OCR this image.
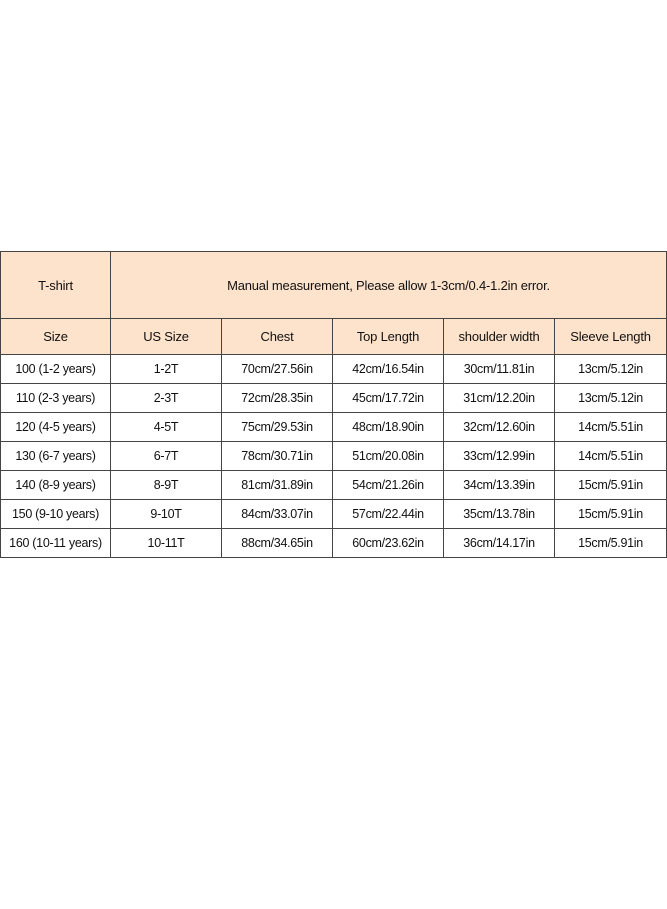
T-shirt	Manual measurement, Please allow 1-3cm/0.4-1.2in error.				
Size	US Size	Chest	Top Length	shoulder width	Sleeve Length
100 (1-2 years)	1-2T	70cm/27.56in	42cm/16.54in	30cm/11.81in	13cm/5.12in
110 (2-3 years)	2-3T	72cm/28.35in	45cm/17.72in	31cm/12.20in	13cm/5.12in
120 (4-5 years)	4-5T	75cm/29.53in	48cm/18.90in	32cm/12.60in	14cm/5.51in
130 (6-7 years)	6-7T	78cm/30.71in	51cm/20.08in	33cm/12.99in	14cm/5.51in
140 (8-9 years)	8-9T	81cm/31.89in	54cm/21.26in	34cm/13.39in	15cm/5.91in
150 (9-10 years)	9-10T	84cm/33.07in	57cm/22.44in	35cm/13.78in	15cm/5.91in
160 (10-11 years)	10-11T	88cm/34.65in	60cm/23.62in	36cm/14.17in	15cm/5.91in
